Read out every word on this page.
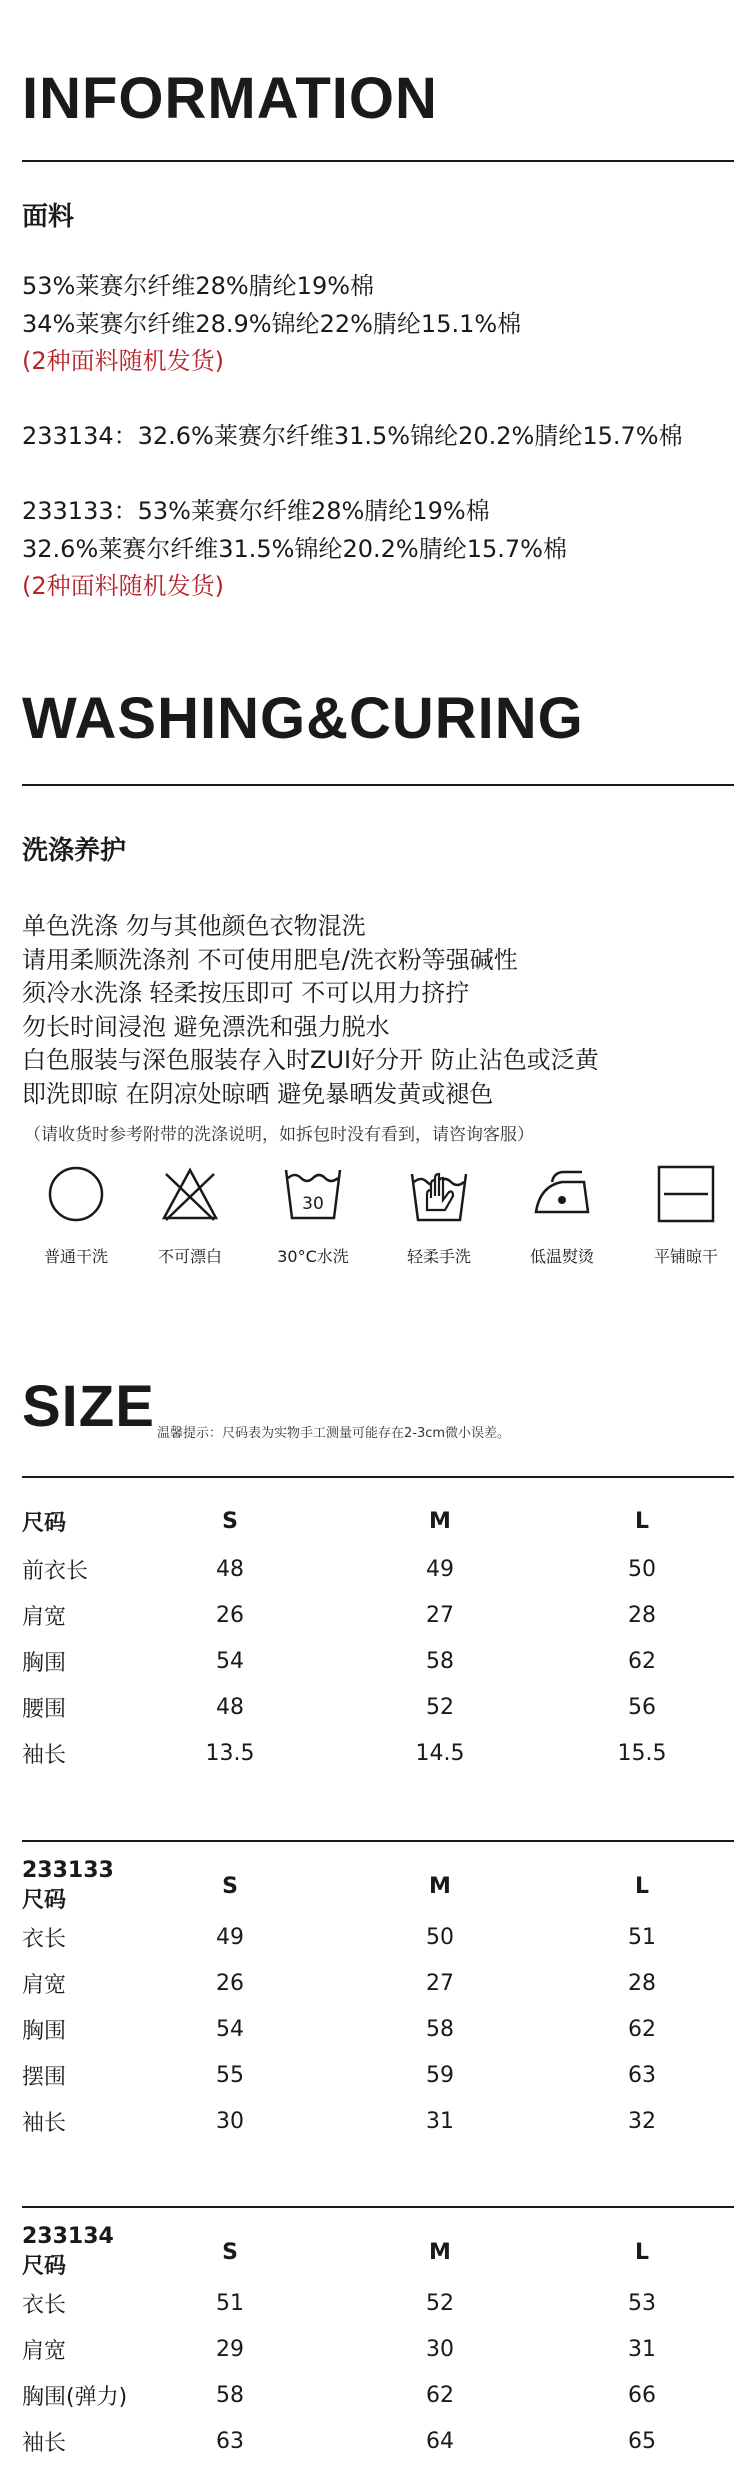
INFORMATION
面料
53%莱赛尔纤维28%腈纶19%棉
34%莱赛尔纤维28.9%锦纶22%腈纶15.1%棉
(2种面料随机发货)
233134：32.6%莱赛尔纤维31.5%锦纶20.2%腈纶15.7%棉
233133：53%莱赛尔纤维28%腈纶19%棉
32.6%莱赛尔纤维31.5%锦纶20.2%腈纶15.7%棉
(2种面料随机发货)
WASHING&CURING
洗涤养护
单色洗涤 勿与其他颜色衣物混洗
请用柔顺洗涤剂 不可使用肥皂/洗衣粉等强碱性
须冷水洗涤 轻柔按压即可 不可以用力挤拧
勿长时间浸泡 避免漂洗和强力脱水
白色服装与深色服装存入时ZUI好分开 防止沾色或泛黄
即洗即晾 在阴凉处晾晒 避免暴晒发黄或褪色
（请收货时参考附带的洗涤说明，如拆包时没有看到，请咨询客服）
普通干洗	不可漂白
30
30°C水洗	轻柔手洗	低温熨烫	平铺晾干
SIZE 温馨提示：尺码表为实物手工测量可能存在2-3cm微小误差。
尺码	S	M	L
前衣长	48	49	50
肩宽	26	27	28
胸围	54	58	62
腰围	48	52	56
袖长	13.5	14.5	15.5
233133尺码	S	M	L
衣长	49	50	51
肩宽	26	27	28
胸围	54	58	62
摆围	55	59	63
袖长	30	31	32
233134尺码	S	M	L
衣长	51	52	53
肩宽	29	30	31
胸围(弹力)	58	62	66
袖长	63	64	65
